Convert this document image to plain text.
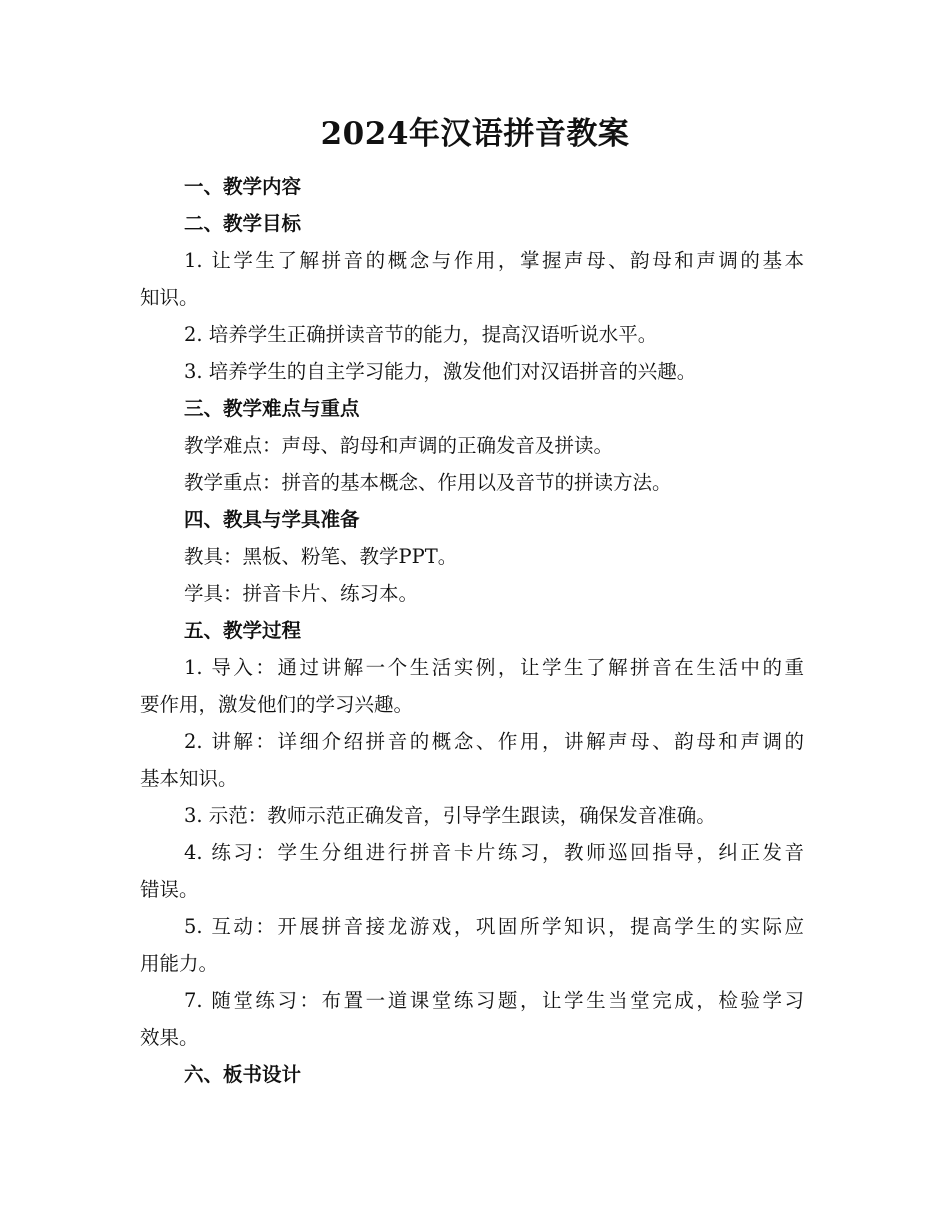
2024年汉语拼音教案
一、教学内容
二、教学目标
1. 让学生了解拼音的概念与作用，掌握声母、韵母和声调的基本
知识。
2. 培养学生正确拼读音节的能力，提高汉语听说水平。
3. 培养学生的自主学习能力，激发他们对汉语拼音的兴趣。
三、教学难点与重点
教学难点：声母、韵母和声调的正确发音及拼读。
教学重点：拼音的基本概念、作用以及音节的拼读方法。
四、教具与学具准备
教具：黑板、粉笔、教学PPT。
学具：拼音卡片、练习本。
五、教学过程
1. 导入：通过讲解一个生活实例，让学生了解拼音在生活中的重
要作用，激发他们的学习兴趣。
2. 讲解：详细介绍拼音的概念、作用，讲解声母、韵母和声调的
基本知识。
3. 示范：教师示范正确发音，引导学生跟读，确保发音准确。
4. 练习：学生分组进行拼音卡片练习，教师巡回指导，纠正发音
错误。
5. 互动：开展拼音接龙游戏，巩固所学知识，提高学生的实际应
用能力。
7. 随堂练习：布置一道课堂练习题，让学生当堂完成，检验学习
效果。
六、板书设计
